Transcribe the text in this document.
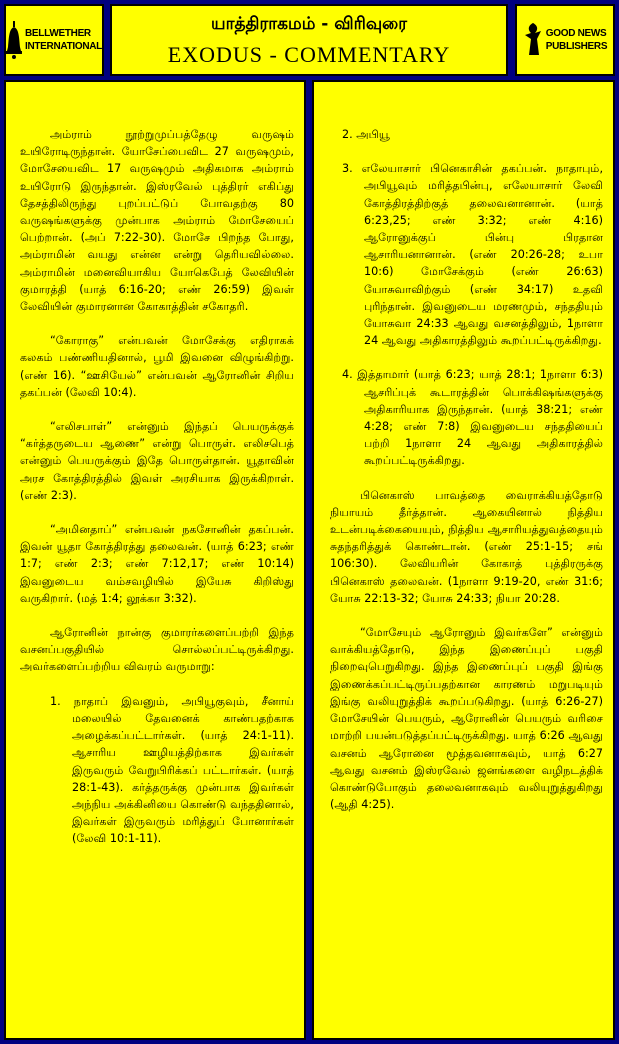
BELLWETHER
INTERNATIONAL
யாத்திராகமம் - விரிவுரை
EXODUS - COMMENTARY
GOOD NEWS
PUBLISHERS

அம்ராம் நூற்றுமுப்பத்தேழு வருஷம் உயிரோடிருந்தான். யோசேப்பைவிட 27 வருஷமும், மோசேயைவிட 17 வருஷமும் அதிகமாக அம்ராம் உயிரோடு இருந்தான். இஸ்ரவேல் புத்திரர் எகிப்து தேசத்திலிருந்து புறப்பட்டுப் போவதற்கு 80 வருஷங்களுக்கு முன்பாக அம்ராம் மோசேயைப் பெற்றான். (அப் 7:22-30). மோசே பிறந்த போது, அம்ராமின் வயது என்ன என்று தெரியவில்லை. அம்ராமின் மனைவியாகிய யோகெபேத் லேவியின் குமாரத்தி (யாத் 6:16-20; எண் 26:59) இவள் லேவியின் குமாரனான கோகாத்தின் சகோதரி.

“கோராகு” என்பவன் மோசேக்கு எதிராகக் கலகம் பண்ணியதினால், பூமி இவனை விழுங்கிற்று. (எண் 16). “ஊசியேல்” என்பவன் ஆரோனின் சிறிய தகப்பன் (லேவி 10:4).

“எலிசபாள்” என்னும் இந்தப் பெயருக்குக் “கர்த்தருடைய ஆணை” என்று பொருள். எலிசபெத் என்னும் பெயருக்கும் இதே பொருள்தான். யூதாவின் அரச கோத்திரத்தில் இவள் அரசியாக இருக்கிறாள். (எண் 2:3).

“அமினதாப்” என்பவன் நகசோனின் தகப்பன். இவன் யூதா கோத்திரத்து தலைவன். (யாத் 6:23; எண் 1:7; எண் 2:3; எண் 7:12,17; எண் 10:14) இவனுடைய வம்சவழியில் இயேசு கிறிஸ்து வருகிறார். (மத் 1:4; லூக்கா 3:32).

ஆரோனின் நான்கு குமாரர்களைப்பற்றி இந்த வசனப்பகுதியில் சொல்லப்பட்டிருக்கிறது. அவர்களைப்பற்றிய விவரம் வருமாறு:

1. நாதாப் இவனும், அபியூகுவும், சீனாய் மலையில் தேவனைக் காண்பதற்காக அழைக்கப்பட்டார்கள். (யாத் 24:1-11). ஆசாரிய ஊழியத்திற்காக இவர்கள் இருவரும் வேறுபிரிக்கப் பட்டார்கள். (யாத் 28:1-43). கர்த்தருக்கு முன்பாக இவர்கள் அந்நிய அக்கினியை கொண்டு வந்ததினால், இவர்கள் இருவரும் மரித்துப் போனார்கள் (லேவி 10:1-11).

2. அபியூ

3. எலேயாசார் பினெகாசின் தகப்பன். நாதாபும், அபியூவும் மரித்தபின்பு, எலேயாசார் லேவி கோத்திரத்திற்குத் தலைவனானான். (யாத் 6:23,25; எண் 3:32; எண் 4:16) ஆரோனுக்குப் பின்பு பிரதான ஆசாரியனானான். (எண் 20:26-28; உபா 10:6) மோசேக்கும் (எண் 26:63) யோசுவாவிற்கும் (எண் 34:17) உதவி புரிந்தான். இவனுடைய மரணமும், சந்ததியும் யோசுவா 24:33 ஆவது வசனத்திலும், 1நாளா 24 ஆவது அதிகாரத்திலும் கூறப்பட்டிருக்கிறது.

4. இத்தாமார் (யாத் 6:23; யாத் 28:1; 1நாளா 6:3) ஆசரிப்புக் கூடாரத்தின் பொக்கிஷங்களுக்கு அதிகாரியாக இருந்தான். (யாத் 38:21; எண் 4:28; எண் 7:8) இவனுடைய சந்ததியைப் பற்றி 1நாளா 24 ஆவது அதிகாரத்தில் கூறப்பட்டிருக்கிறது.

பினெகாஸ் பாவத்தை வைராக்கியத்தோடு நியாயம் தீர்த்தான். ஆகையினால் நித்திய உடன்படிக்கையையும், நித்திய ஆசாரியத்துவத்தையும் சுதந்தரித்துக் கொண்டான். (எண் 25:1-15; சங் 106:30). லேவியரின் கோகாத் புத்திரருக்கு பினெகாஸ் தலைவன். (1நாளா 9:19-20, எண் 31:6; யோசு 22:13-32; யோசு 24:33; நியா 20:28.

“மோசேயும் ஆரோனும் இவர்களே” என்னும் வாக்கியத்தோடு, இந்த இணைப்புப் பகுதி நிறைவுபெறுகிறது. இந்த இணைப்புப் பகுதி இங்கு இணைக்கப்பட்டிருப்பதற்கான காரணம் மறுபடியும் இங்கு வலியுறுத்திக் கூறப்படுகிறது. (யாத் 6:26-27) மோசேயின் பெயரும், ஆரோனின் பெயரும் வரிசை மாற்றி பயன்படுத்தப்பட்டிருக்கிறது. யாத் 6:26 ஆவது வசனம் ஆரோனை மூத்தவனாகவும், யாத் 6:27 ஆவது வசனம் இஸ்ரவேல் ஜனங்களை வழிநடத்திக் கொண்டுபோகும் தலைவனாகவும் வலியுறுத்துகிறது (ஆதி 4:25).
